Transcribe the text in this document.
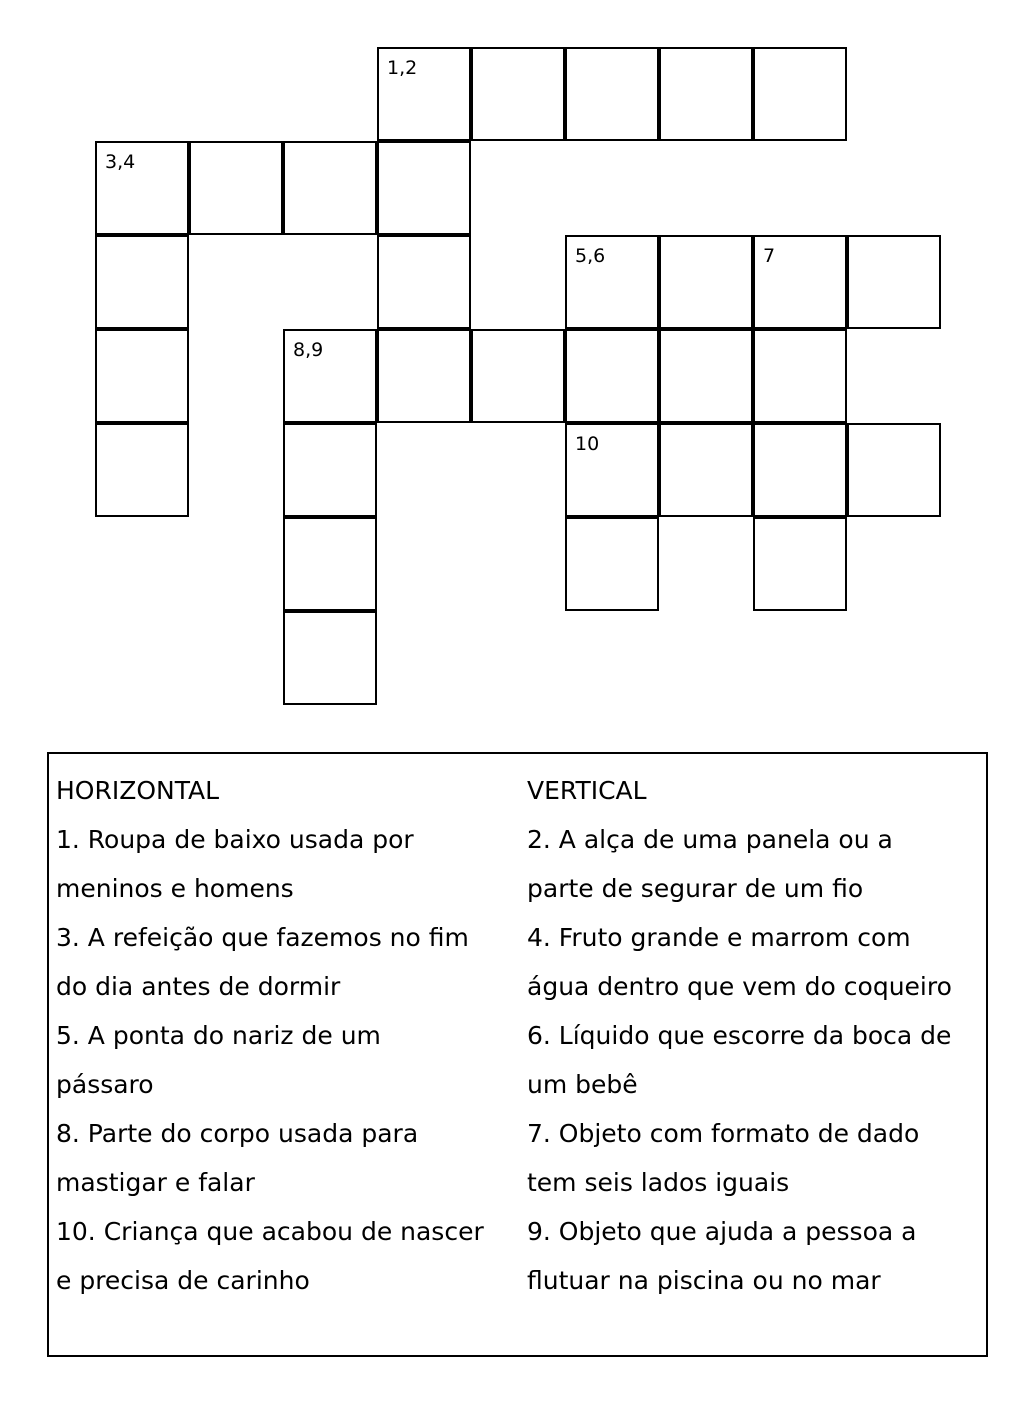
1,2
3,4
5,6	7
8,9
10
HORIZONTAL
1. Roupa de baixo usada por
meninos e homens
3. A refeição que fazemos no fim
do dia antes de dormir
5. A ponta do nariz de um
pássaro
8. Parte do corpo usada para
mastigar e falar
10. Criança que acabou de nascer
e precisa de carinho
VERTICAL
2. A alça de uma panela ou a
parte de segurar de um fio
4. Fruto grande e marrom com
água dentro que vem do coqueiro
6. Líquido que escorre da boca de
um bebê
7. Objeto com formato de dado
tem seis lados iguais
9. Objeto que ajuda a pessoa a
flutuar na piscina ou no mar
